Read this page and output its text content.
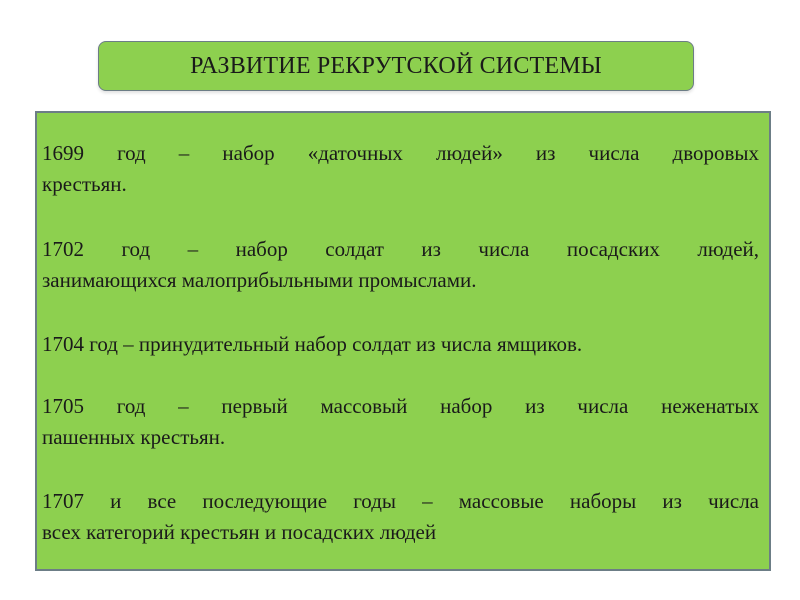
РАЗВИТИЕ РЕКРУТСКОЙ СИСТЕМЫ
1699 год – набор «даточных людей» из числа дворовых
крестьян.
1702 год – набор солдат из числа посадских людей,
занимающихся малоприбыльными промыслами.
1704 год – принудительный набор солдат из числа ямщиков.
1705 год – первый массовый набор из числа неженатых
пашенных крестьян.
1707 и все последующие годы – массовые наборы из числа
всех категорий крестьян и посадских людей
